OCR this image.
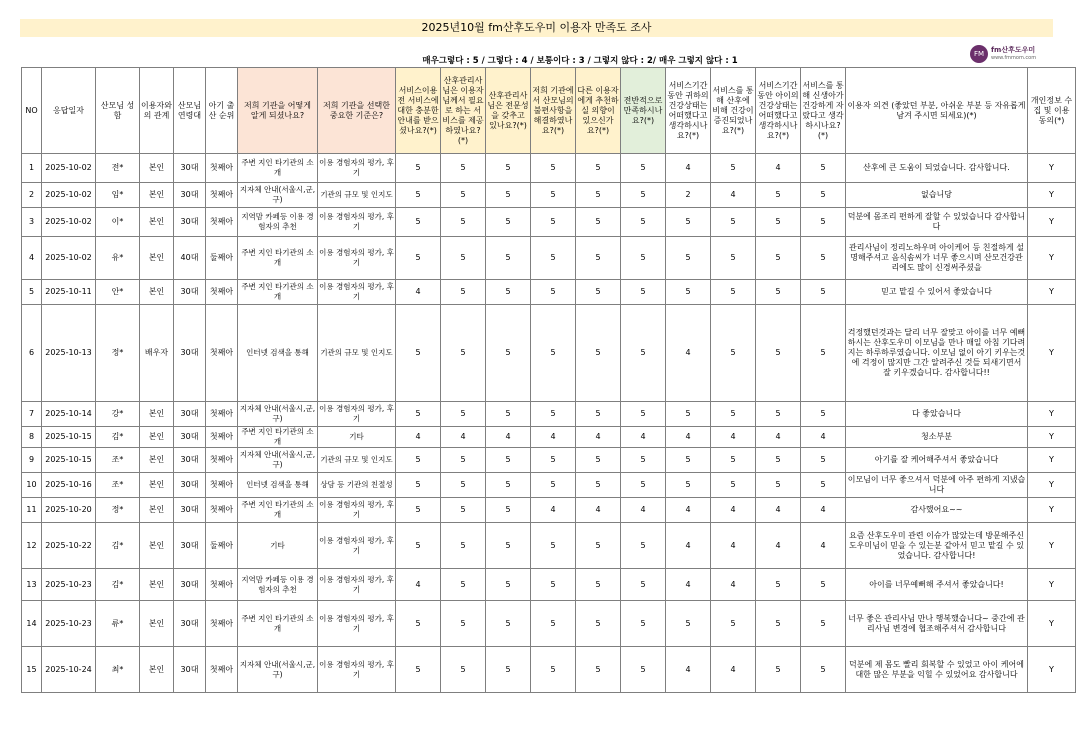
2025년10월 fm산후도우미 이용자 만족도 조사
매우그렇다 : 5 / 그렇다 : 4 / 보통이다 : 3 / 그렇지 않다 : 2/ 매우 그렇지 않다 : 1
FM fm산후도우미
www.fmmom.com
NO	응답일자	산모님 성함	이용자와의 관계	산모님 연령대	아기 출산 순위	저희 기관을 어떻게 알게 되셨나요?	저희 기관을 선택한 중요한 기준은?	서비스이용전 서비스에 대한 충분한 안내를 받으셨나요?(*)	산후관리사님은 이용자님께서 필요로 하는 서비스를 제공하였나요?(*)	산후관리사님은 전문성을 갖추고 있나요?(*)	저희 기관에서 산모님의 불편사항을 해결하였나요?(*)	다른 이용자에게 추천하실 의향이 있으신가요?(*)	전반적으로 만족하시나요?(*)	서비스기간 동안 귀하의 건강상태는 어떠했다고 생각하시나요?(*)	서비스를 통해 산후에 비해 건강이 증진되었나요?(*)	서비스기간 동안 아이의 건강상태는 어떠했다고 생각하시나요?(*)	서비스를 통해 신생아가 건강하게 자랐다고 생각하시나요?(*)	이용자 의견 (좋았던 부분, 아쉬운 부분 등 자유롭게 남겨 주시면 되세요)(*)	개인정보 수집 및 이용 동의(*)
1	2025-10-02	전*	본인	30대	첫째아	주변 지인 타기관의 소개	이용 경험자의 평가, 후기	5	5	5	5	5	5	4	5	4	5	산후에 큰 도움이 되었습니다. 감사합니다.	Y
2	2025-10-02	임*	본인	30대	첫째아	지자체 안내(서울시,군,구)	기관의 규모 및 인지도	5	5	5	5	5	5	2	4	5	5	없습니당	Y
3	2025-10-02	이*	본인	30대	첫째아	지역맘 카페등 이용 경험자의 추천	이용 경험자의 평가, 후기	5	5	5	5	5	5	5	5	5	5	덕분에 몸조리 편하게 잘할 수 있었습니다 감사합니다	Y
4	2025-10-02	유*	본인	40대	둘째아	주변 지인 타기관의 소개	이용 경험자의 평가, 후기	5	5	5	5	5	5	5	5	5	5	관리사님이 정리노하우며 아이케어 등 친절하게 설명해주셔고 음식솜씨가 너무 좋으시며 산모건강관리에도 많이 신경써주셨을	Y
5	2025-10-11	안*	본인	30대	첫째아	주변 지인 타기관의 소개	이용 경험자의 평가, 후기	4	5	5	5	5	5	5	5	5	5	믿고 맡길 수 있어서 좋았습니다	Y
6	2025-10-13	정*	배우자	30대	첫째아	인터넷 검색을 통해	기관의 규모 및 인지도	5	5	5	5	5	5	4	5	5	5	걱정했던것과는 달리 너무 잘맞고 아이를 너무 예뻐하시는 산후도우미 이모님을 만나 매일 아침 기다려지는 하루하루였습니다. 이모님 없이 아기 키우는것에 걱정이 많지만 그간 알려주신 것들 되새기면서 잘 키우겠습니다. 감사합니다!!	Y
7	2025-10-14	강*	본인	30대	첫째아	지자체 안내(서울시,군,구)	이용 경험자의 평가, 후기	5	5	5	5	5	5	5	5	5	5	다 좋았습니다	Y
8	2025-10-15	김*	본인	30대	첫째아	주변 지인 타기관의 소개	기타	4	4	4	4	4	4	4	4	4	4	청소부분	Y
9	2025-10-15	조*	본인	30대	첫째아	지자체 안내(서울시,군,구)	기관의 규모 및 인지도	5	5	5	5	5	5	5	5	5	5	아기를 잘 케어해주셔서 좋았습니다	Y
10	2025-10-16	조*	본인	30대	첫째아	인터넷 검색을 통해	상담 등 기관의 친절성	5	5	5	5	5	5	5	5	5	5	이모님이 너무 좋으셔서 덕분에 아주 편하게 지냈습니다	Y
11	2025-10-20	정*	본인	30대	첫째아	주변 지인 타기관의 소개	이용 경험자의 평가, 후기	5	5	5	4	4	4	4	4	4	4	감사했어요~~	Y
12	2025-10-22	김*	본인	30대	둘째아	기타	이용 경험자의 평가, 후기	5	5	5	5	5	5	4	4	4	4	요즘 산후도우미 관련 이슈가 많았는데 방문해주신 도우미님이 믿을 수 있는분 같아서 믿고 맡길 수 있었습니다. 감사합니다!	Y
13	2025-10-23	김*	본인	30대	첫째아	지역맘 카페등 이용 경험자의 추천	이용 경험자의 평가, 후기	4	5	5	5	5	5	4	4	5	5	아이를 너무예뻐해 주셔서 좋았습니다!	Y
14	2025-10-23	류*	본인	30대	첫째아	주변 지인 타기관의 소개	이용 경험자의 평가, 후기	5	5	5	5	5	5	5	5	5	5	너무 좋은 관리사님 만나 행복했습니다~ 중간에 관리사님 변경에 협조해주셔서 감사합니다	Y
15	2025-10-24	최*	본인	30대	첫째아	지자체 안내(서울시,군,구)	이용 경험자의 평가, 후기	5	5	5	5	5	5	4	4	5	5	덕분에 제 몸도 빨리 회복할 수 있었고 아이 케어에 대한 많은 부분을 익힐 수 있었어요 감사합니다	Y
